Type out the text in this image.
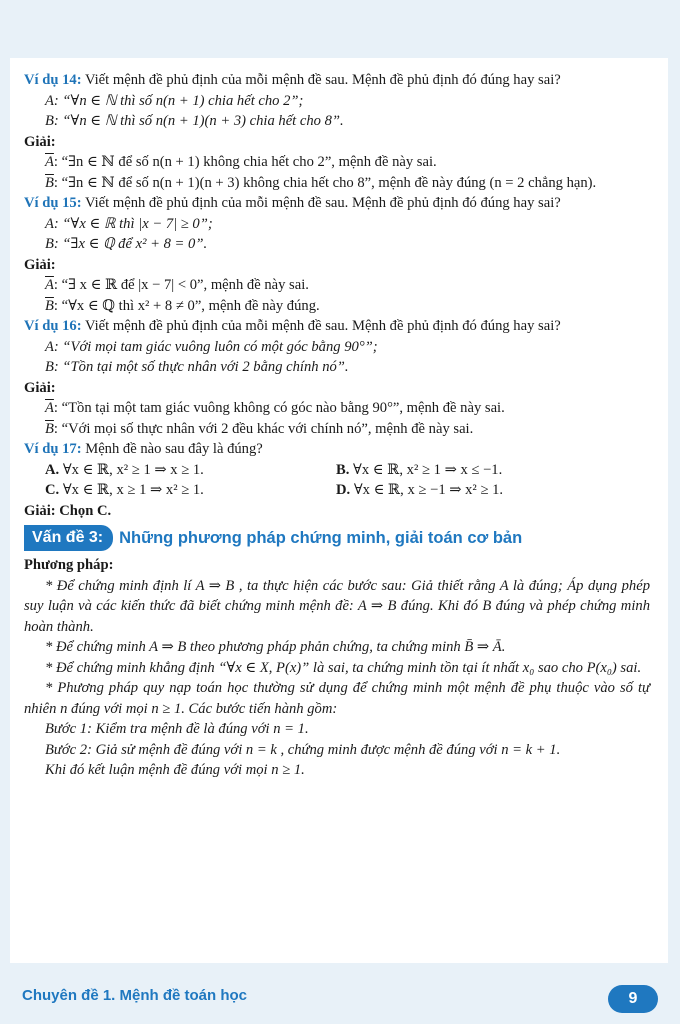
Ví dụ 14: Viết mệnh đề phủ định của mỗi mệnh đề sau. Mệnh đề phủ định đó đúng hay sai?
A: “∀n ∈ ℕ thì số n(n + 1) chia hết cho 2”;
B: “∀n ∈ ℕ thì số n(n + 1)(n + 3) chia hết cho 8”.
Giải:
$\overline{A}$: “∃n ∈ ℕ để số n(n + 1) không chia hết cho 2”, mệnh đề này sai.
$\overline{B}$: “∃n ∈ ℕ để số n(n + 1)(n + 3) không chia hết cho 8”, mệnh đề này đúng (n = 2 chẳng hạn).
Ví dụ 15: Viết mệnh đề phủ định của mỗi mệnh đề sau. Mệnh đề phủ định đó đúng hay sai?
A: “∀x ∈ ℝ thì |x − 7| ≥ 0”;
B: “∃x ∈ ℚ để x² + 8 = 0”.
Giải:
$\overline{A}$: “∃ x ∈ ℝ để |x − 7| < 0”, mệnh đề này sai.
$\overline{B}$: “∀x ∈ ℚ thì x² + 8 ≠ 0”, mệnh đề này đúng.
Ví dụ 16: Viết mệnh đề phủ định của mỗi mệnh đề sau. Mệnh đề phủ định đó đúng hay sai?
A: “Với mọi tam giác vuông luôn có một góc bằng 90°”;
B: “Tồn tại một số thực nhân với 2 bằng chính nó”.
Giải:
$\overline{A}$: “Tồn tại một tam giác vuông không có góc nào bằng 90°”, mệnh đề này sai.
$\overline{B}$: “Với mọi số thực nhân với 2 đều khác với chính nó”, mệnh đề này sai.
Ví dụ 17: Mệnh đề nào sau đây là đúng?
A. ∀x ∈ ℝ, x² ≥ 1 ⇒ x ≥ 1.	B. ∀x ∈ ℝ, x² ≥ 1 ⇒ x ≤ −1.
C. ∀x ∈ ℝ, x ≥ 1 ⇒ x² ≥ 1.	D. ∀x ∈ ℝ, x ≥ −1 ⇒ x² ≥ 1.
Giải: Chọn C.
Vấn đề 3: Những phương pháp chứng minh, giải toán cơ bản
Phương pháp:
* Để chứng minh định lí A ⇒ B , ta thực hiện các bước sau: Giả thiết rằng A là đúng; Áp dụng phép suy luận và các kiến thức đã biết chứng minh mệnh đề: A ⇒ B đúng. Khi đó B đúng và phép chứng minh hoàn thành.
* Để chứng minh A ⇒ B theo phương pháp phản chứng, ta chứng minh B̄ ⇒ Ā.
* Để chứng minh khẳng định “∀x ∈ X, P(x)” là sai, ta chứng minh tồn tại ít nhất x₀ sao cho P(x₀) sai.
* Phương pháp quy nạp toán học thường sử dụng để chứng minh một mệnh đề phụ thuộc vào số tự nhiên n đúng với mọi n ≥ 1. Các bước tiến hành gồm:
Bước 1: Kiểm tra mệnh đề là đúng với n = 1.
Bước 2: Giả sử mệnh đề đúng với n = k , chứng minh được mệnh đề đúng với n = k + 1.
Khi đó kết luận mệnh đề đúng với mọi n ≥ 1.
Chuyên đề 1. Mệnh đề toán học	9
